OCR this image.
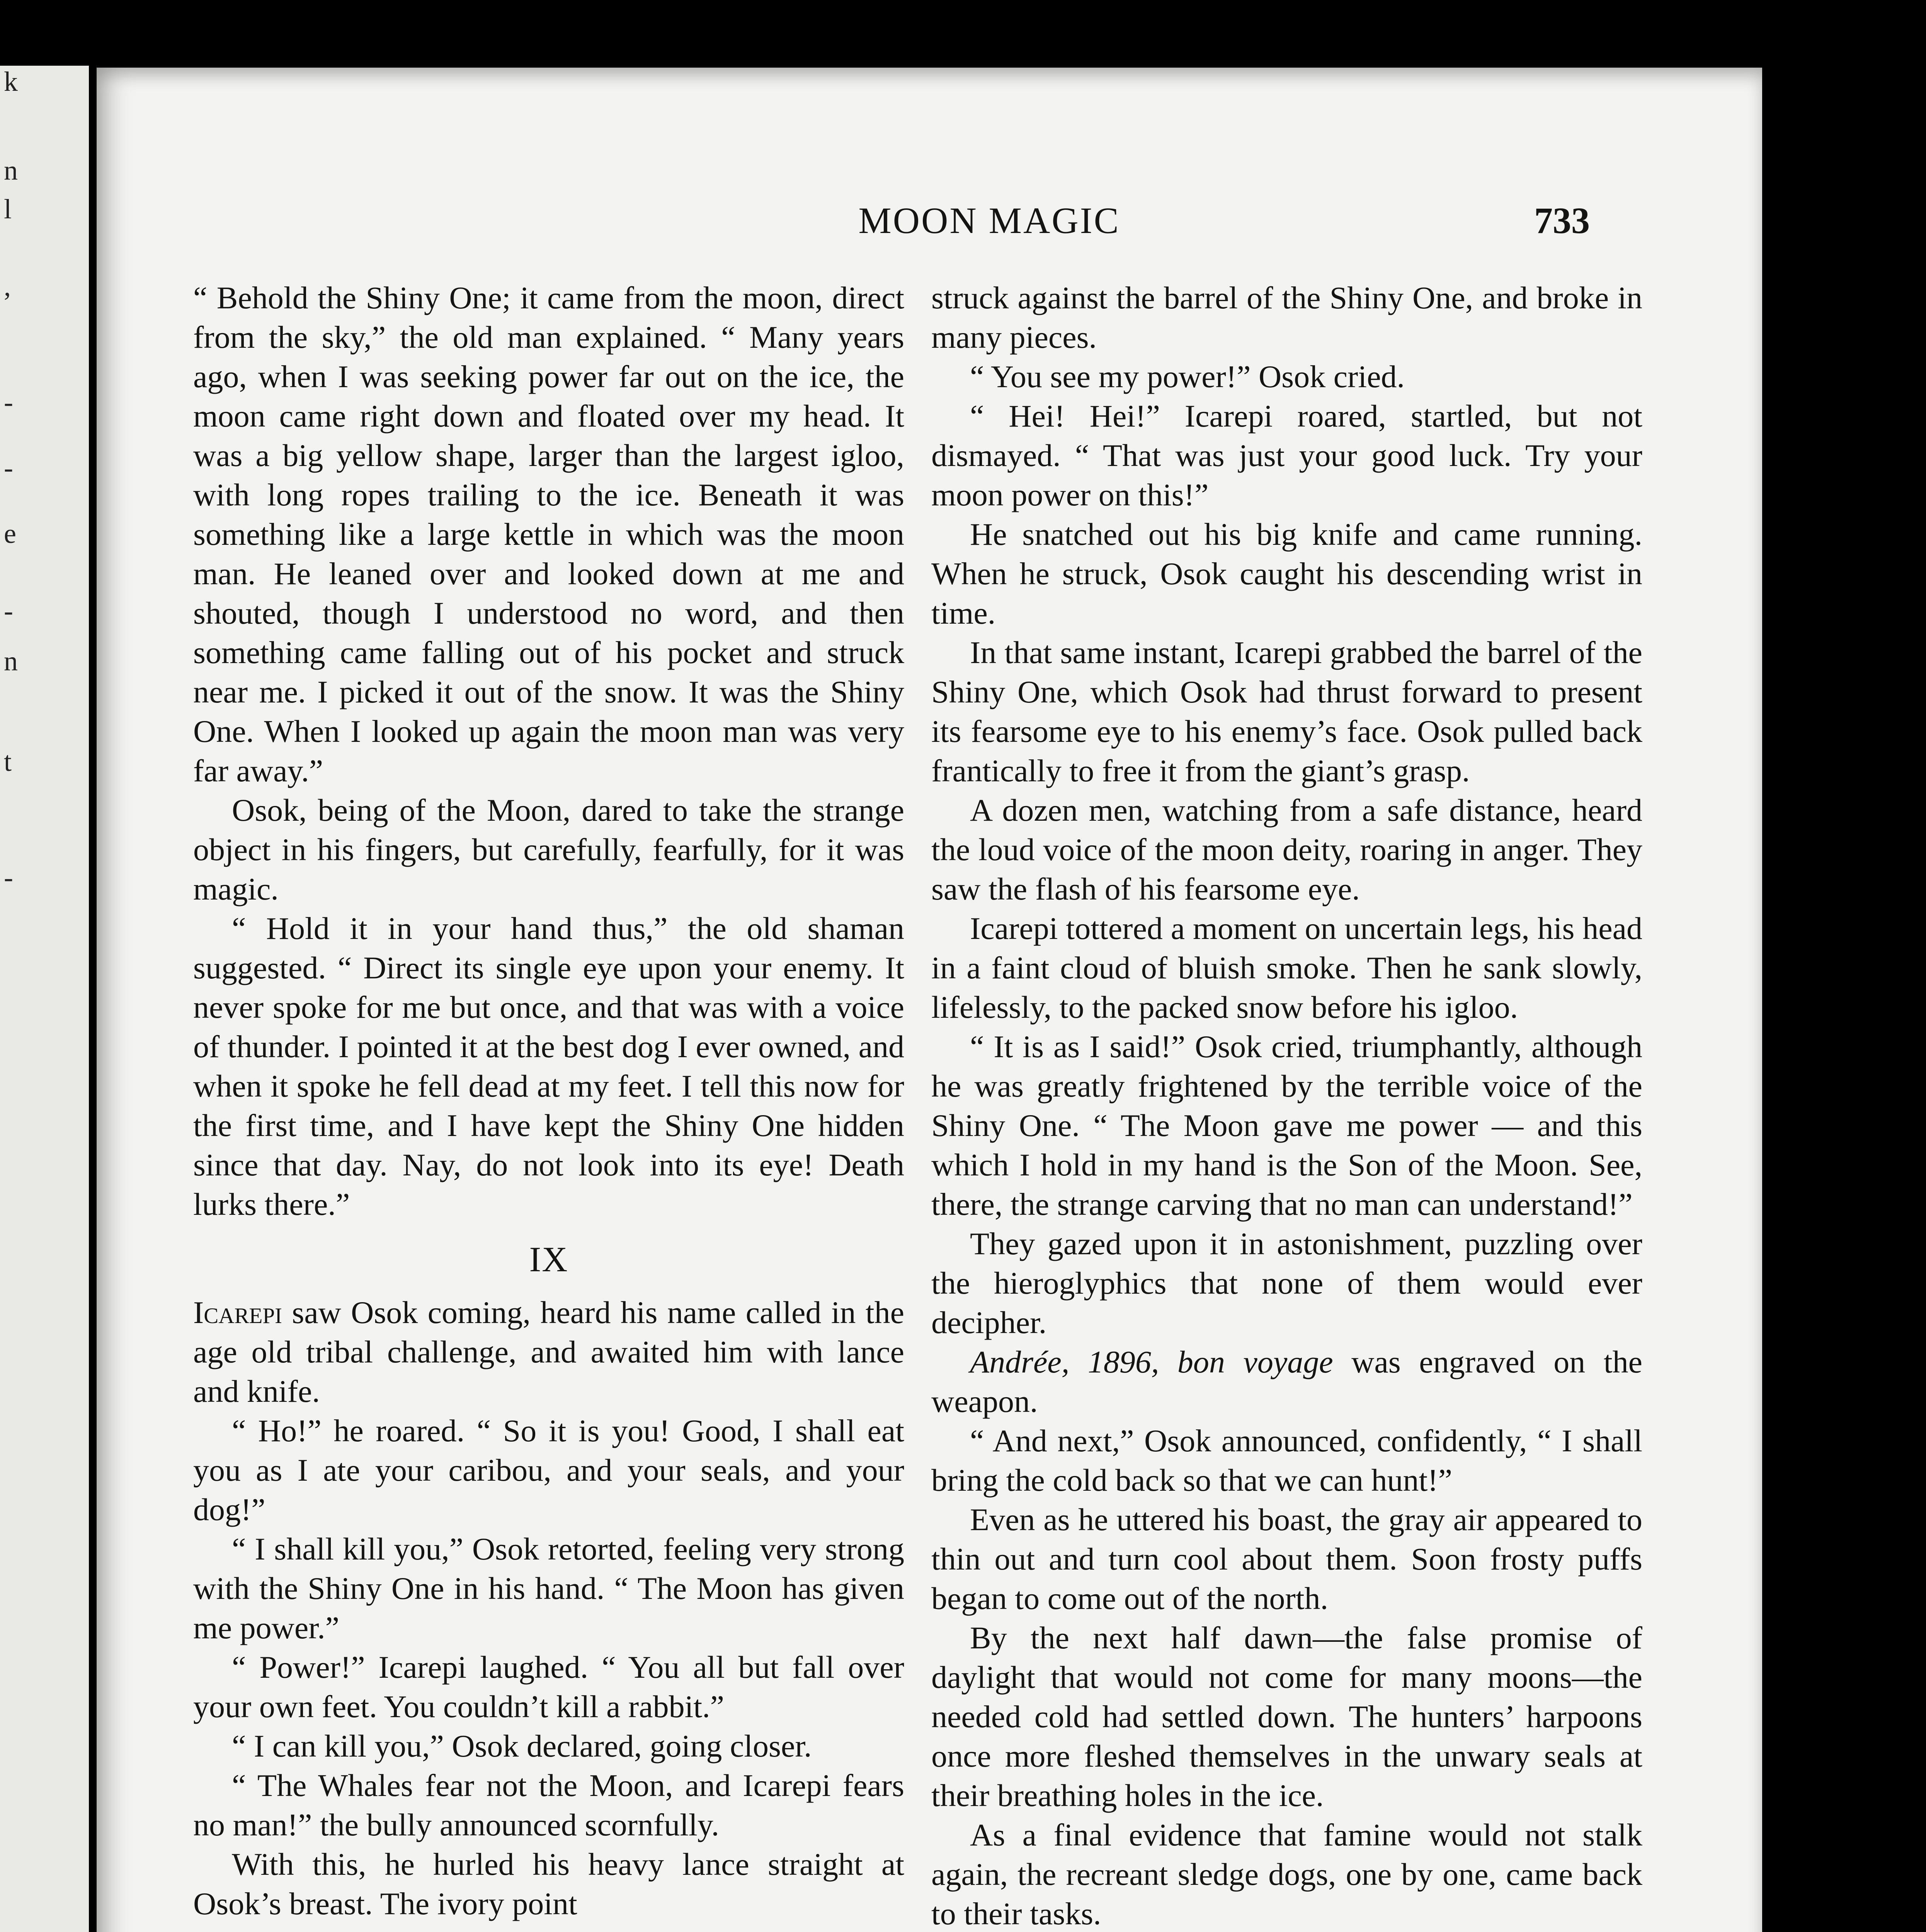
k
n
l
,
-
-
e
-
n
t
-
MOON MAGIC	733

“ Behold the Shiny One; it came from the moon, direct from the sky,” the old man explained. “ Many years ago, when I was seeking power far out on the ice, the moon came right down and floated over my head. It was a big yellow shape, larger than the largest igloo, with long ropes trailing to the ice. Beneath it was something like a large kettle in which was the moon man. He leaned over and looked down at me and shouted, though I understood no word, and then something came falling out of his pocket and struck near me. I picked it out of the snow. It was the Shiny One. When I looked up again the moon man was very far away.”

Osok, being of the Moon, dared to take the strange object in his fingers, but carefully, fearfully, for it was magic.

“ Hold it in your hand thus,” the old shaman suggested. “ Direct its single eye upon your enemy. It never spoke for me but once, and that was with a voice of thunder. I pointed it at the best dog I ever owned, and when it spoke he fell dead at my feet. I tell this now for the first time, and I have kept the Shiny One hidden since that day. Nay, do not look into its eye! Death lurks there.”

IX

Icarepi saw Osok coming, heard his name called in the age old tribal challenge, and awaited him with lance and knife.

“ Ho!” he roared. “ So it is you! Good, I shall eat you as I ate your caribou, and your seals, and your dog!”

“ I shall kill you,” Osok retorted, feeling very strong with the Shiny One in his hand. “ The Moon has given me power.”

“ Power!” Icarepi laughed. “ You all but fall over your own feet. You couldn’t kill a rabbit.”

“ I can kill you,” Osok declared, going closer.

“ The Whales fear not the Moon, and Icarepi fears no man!” the bully announced scornfully.

With this, he hurled his heavy lance straight at Osok’s breast. The ivory point

struck against the barrel of the Shiny One, and broke in many pieces.

“ You see my power!” Osok cried.

“ Hei! Hei!” Icarepi roared, startled, but not dismayed. “ That was just your good luck. Try your moon power on this!”

He snatched out his big knife and came running. When he struck, Osok caught his descending wrist in time.

In that same instant, Icarepi grabbed the barrel of the Shiny One, which Osok had thrust forward to present its fearsome eye to his enemy’s face. Osok pulled back frantically to free it from the giant’s grasp.

A dozen men, watching from a safe distance, heard the loud voice of the moon deity, roaring in anger. They saw the flash of his fearsome eye.

Icarepi tottered a moment on uncertain legs, his head in a faint cloud of bluish smoke. Then he sank slowly, lifelessly, to the packed snow before his igloo.

“ It is as I said!” Osok cried, triumphantly, although he was greatly frightened by the terrible voice of the Shiny One. “ The Moon gave me power — and this which I hold in my hand is the Son of the Moon. See, there, the strange carving that no man can understand!”

They gazed upon it in astonishment, puzzling over the hieroglyphics that none of them would ever decipher.

Andrée, 1896, bon voyage was engraved on the weapon.

“ And next,” Osok announced, confidently, “ I shall bring the cold back so that we can hunt!”

Even as he uttered his boast, the gray air appeared to thin out and turn cool about them. Soon frosty puffs began to come out of the north.

By the next half dawn—the false promise of daylight that would not come for many moons—the needed cold had settled down. The hunters’ harpoons once more fleshed themselves in the unwary seals at their breathing holes in the ice.

As a final evidence that famine would not stalk again, the recreant sledge dogs, one by one, came back to their tasks.
